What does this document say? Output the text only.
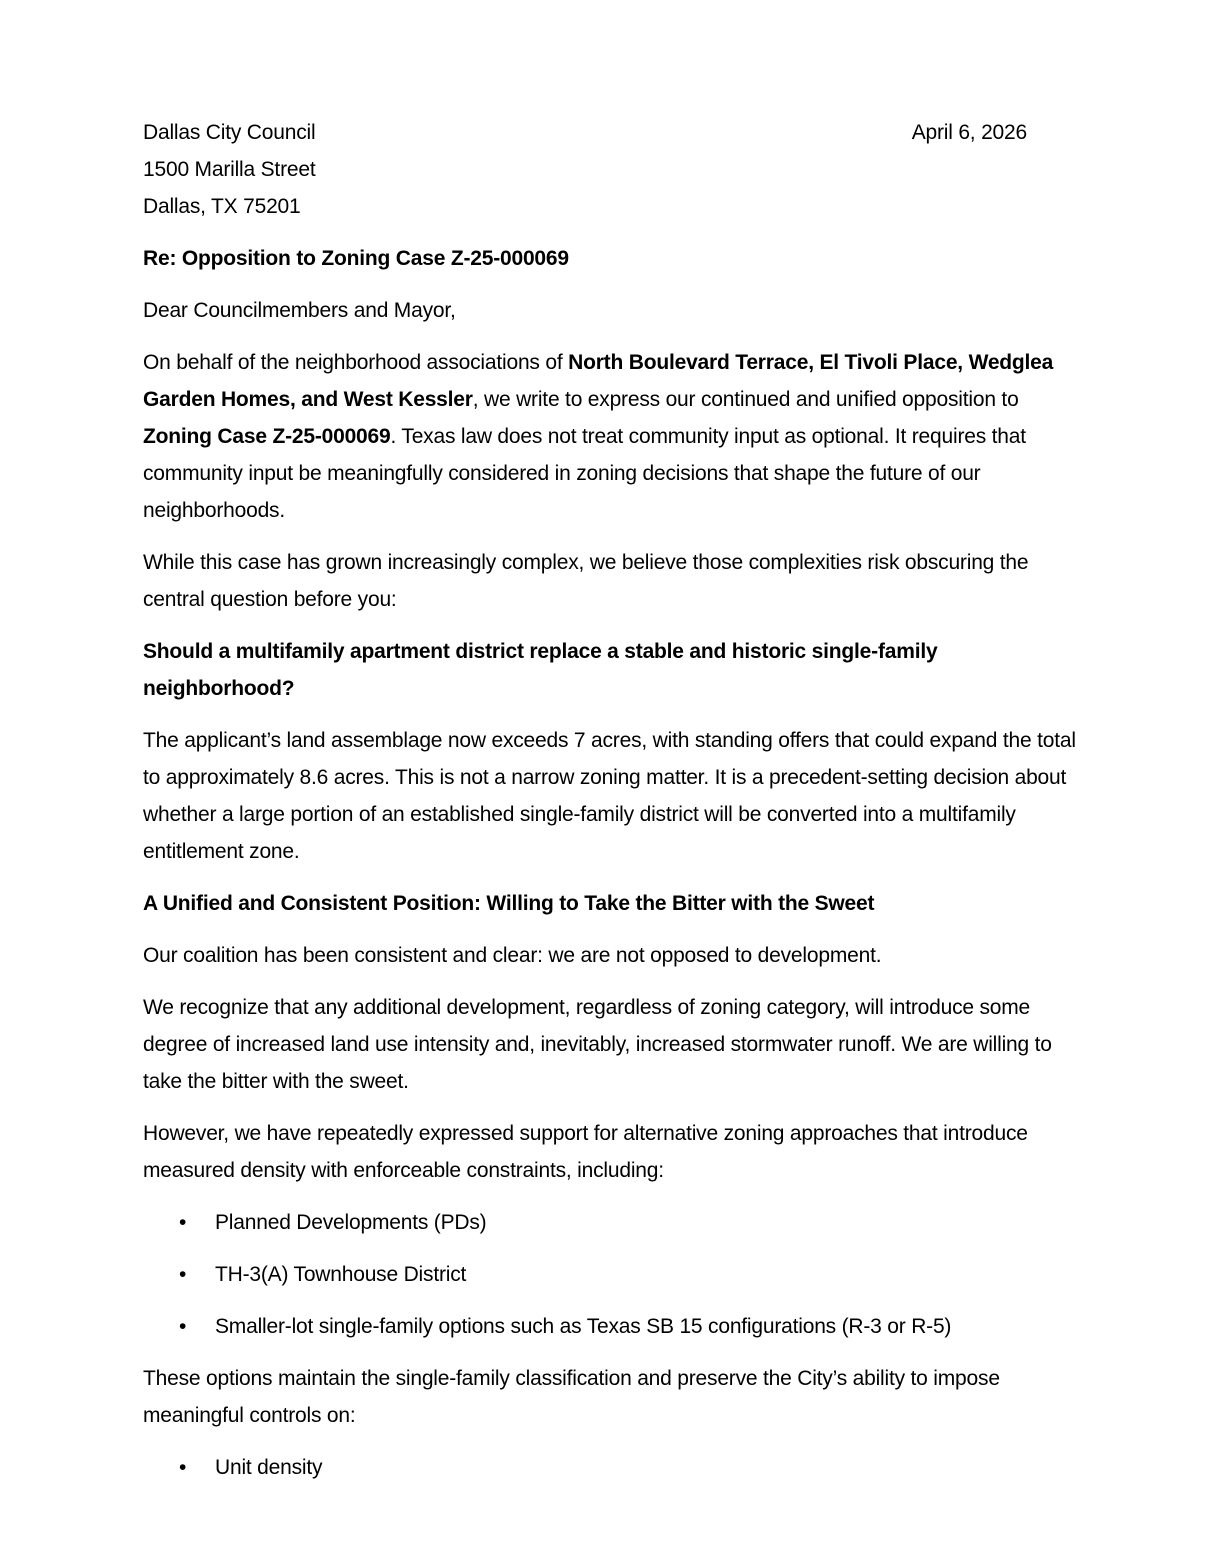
Dallas City Council	April 6, 2026
1500 Marilla Street
Dallas, TX 75201

Re: Opposition to Zoning Case Z-25-000069

Dear Councilmembers and Mayor,

On behalf of the neighborhood associations of North Boulevard Terrace, El Tivoli Place, Wedglea Garden Homes, and West Kessler, we write to express our continued and unified opposition to Zoning Case Z-25-000069. Texas law does not treat community input as optional. It requires that community input be meaningfully considered in zoning decisions that shape the future of our neighborhoods.

While this case has grown increasingly complex, we believe those complexities risk obscuring the central question before you:

Should a multifamily apartment district replace a stable and historic single-family neighborhood?

The applicant’s land assemblage now exceeds 7 acres, with standing offers that could expand the total to approximately 8.6 acres. This is not a narrow zoning matter. It is a precedent-setting decision about whether a large portion of an established single-family district will be converted into a multifamily entitlement zone.

A Unified and Consistent Position: Willing to Take the Bitter with the Sweet

Our coalition has been consistent and clear: we are not opposed to development.

We recognize that any additional development, regardless of zoning category, will introduce some degree of increased land use intensity and, inevitably, increased stormwater runoff. We are willing to take the bitter with the sweet.

However, we have repeatedly expressed support for alternative zoning approaches that introduce measured density with enforceable constraints, including:

•	Planned Developments (PDs)
•	TH-3(A) Townhouse District
•	Smaller-lot single-family options such as Texas SB 15 configurations (R-3 or R-5)

These options maintain the single-family classification and preserve the City’s ability to impose meaningful controls on:

•	Unit density
